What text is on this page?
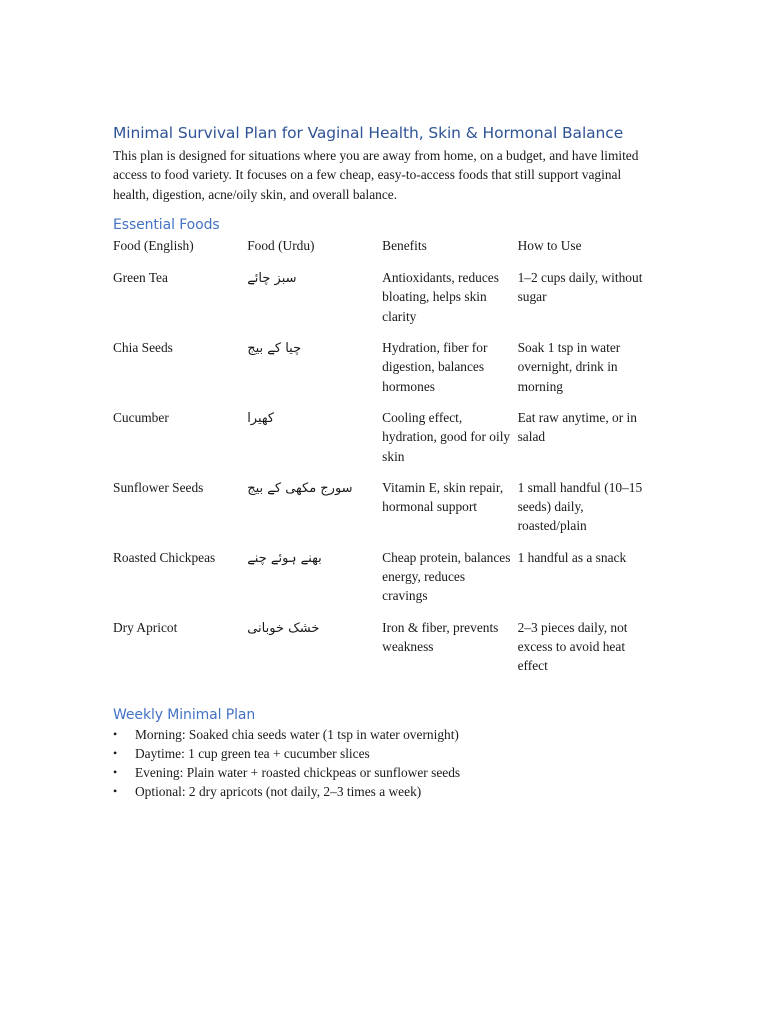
Minimal Survival Plan for Vaginal Health, Skin & Hormonal Balance

This plan is designed for situations where you are away from home, on a budget, and have limited access to food variety. It focuses on a few cheap, easy-to-access foods that still support vaginal health, digestion, acne/oily skin, and overall balance.

Essential Foods
Food (English)	Food (Urdu)	Benefits	How to Use
Green Tea	سبز چائے	Antioxidants, reduces bloating, helps skin clarity	1–2 cups daily, without sugar
Chia Seeds	چیا کے بیج	Hydration, fiber for digestion, balances hormones	Soak 1 tsp in water overnight, drink in morning
Cucumber	کھیرا	Cooling effect, hydration, good for oily skin	Eat raw anytime, or in salad
Sunflower Seeds	سورج مکھی کے بیج	Vitamin E, skin repair, hormonal support	1 small handful (10–15 seeds) daily, roasted/plain
Roasted Chickpeas	بھنے ہوئے چنے	Cheap protein, balances energy, reduces cravings	1 handful as a snack
Dry Apricot	خشک خوبانی	Iron & fiber, prevents weakness	2–3 pieces daily, not excess to avoid heat effect
Weekly Minimal Plan
• Morning: Soaked chia seeds water (1 tsp in water overnight)
• Daytime: 1 cup green tea + cucumber slices
• Evening: Plain water + roasted chickpeas or sunflower seeds
• Optional: 2 dry apricots (not daily, 2–3 times a week)
